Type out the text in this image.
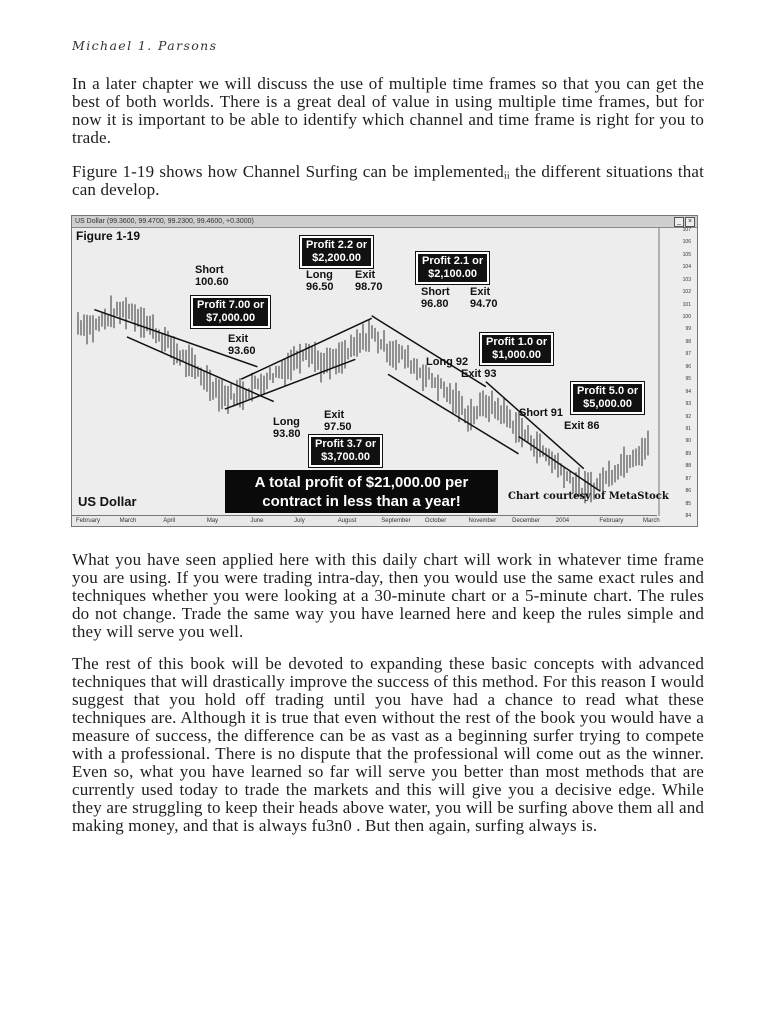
Michael 1. Parsons

In a later chapter we will discuss the use of multiple time frames so that you can get the best of both worlds. There is a great deal of value in using multiple time frames, but for now it is important to be able to identify which channel and time frame is right for you to trade.

Figure 1-19 shows how Channel Surfing can be implementedᵢᵢ the different situations that can develop.

US Dollar (99.3600, 99.4700, 99.2300, 99.4600, +0.3000)	_	×
107
106
105
104
103
102
101
100
99
98
97
96
95
94
93
92
91
90
89
88
87
86
85
84
February	March	April	May	June	July	August	September October	November	December	2004	February	March
Figure 1-19
Short
100.60
Exit
93.60
Long
93.80
Exit
97.50
Long
96.50
Exit
98.70	Short
96.80
Exit
94.70
Long 92
Exit 93
Short 91
Exit 86
Profit 7.00 or
$7,000.00
Profit 2.2 or
$2,200.00	Profit 2.1 or
$2,100.00
Profit 1.0 or
$1,000.00
Profit 5.0 or
$5,000.00
Profit 3.7 or
$3,700.00
A total profit of $21,000.00 per
contract in less than a year!
US Dollar	Chart courtesy of MetaStock

What you have seen applied here with this daily chart will work in whatever time frame you are using. If you were trading intra-day, then you would use the same exact rules and techniques whether you were looking at a 30-minute chart or a 5-minute chart. The rules do not change. Trade the same way you have learned here and keep the rules simple and they will serve you well.

The rest of this book will be devoted to expanding these basic concepts with advanced techniques that will drastically improve the success of this method. For this reason I would suggest that you hold off trading until you have had a chance to read what these techniques are. Although it is true that even without the rest of the book you would have a measure of success, the difference can be as vast as a beginning surfer trying to compete with a professional. There is no dispute that the professional will come out as the winner. Even so, what you have learned so far will serve you better than most methods that are currently used today to trade the markets and this will give you a decisive edge. While they are struggling to keep their heads above water, you will be surfing above them all and making money, and that is always fu3n0 . But then again, surfing always is.
